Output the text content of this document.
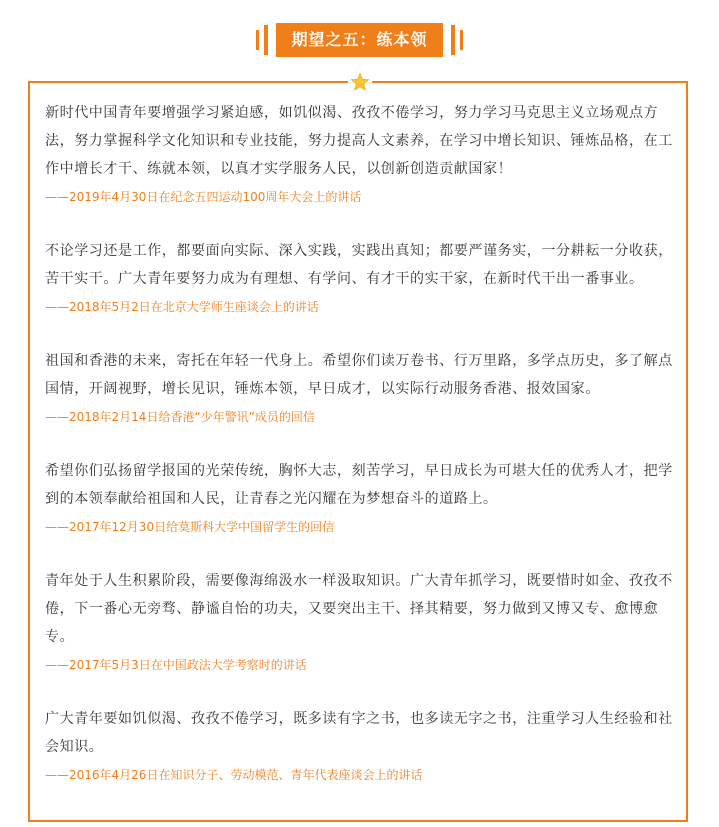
期望之五：练本领

新时代中国青年要增强学习紧迫感，如饥似渴、孜孜不倦学习，努力学习马克思主义立场观点方法，努力掌握科学文化知识和专业技能，努力提高人文素养，在学习中增长知识、锤炼品格，在工作中增长才干、练就本领，以真才实学服务人民，以创新创造贡献国家！

——2019年4月30日在纪念五四运动100周年大会上的讲话

不论学习还是工作，都要面向实际、深入实践，实践出真知；都要严谨务实，一分耕耘一分收获，苦干实干。广大青年要努力成为有理想、有学问、有才干的实干家，在新时代干出一番事业。

——2018年5月2日在北京大学师生座谈会上的讲话

祖国和香港的未来，寄托在年轻一代身上。希望你们读万卷书、行万里路，多学点历史，多了解点国情，开阔视野，增长见识，锤炼本领，早日成才，以实际行动服务香港、报效国家。

——2018年2月14日给香港“少年警讯”成员的回信

希望你们弘扬留学报国的光荣传统，胸怀大志，刻苦学习，早日成长为可堪大任的优秀人才，把学到的本领奉献给祖国和人民，让青春之光闪耀在为梦想奋斗的道路上。

——2017年12月30日给莫斯科大学中国留学生的回信

青年处于人生积累阶段，需要像海绵汲水一样汲取知识。广大青年抓学习，既要惜时如金、孜孜不倦，下一番心无旁骛、静谧自怡的功夫，又要突出主干、择其精要，努力做到又博又专、愈博愈专。

——2017年5月3日在中国政法大学考察时的讲话

广大青年要如饥似渴、孜孜不倦学习，既多读有字之书，也多读无字之书，注重学习人生经验和社会知识。

——2016年4月26日在知识分子、劳动模范、青年代表座谈会上的讲话
